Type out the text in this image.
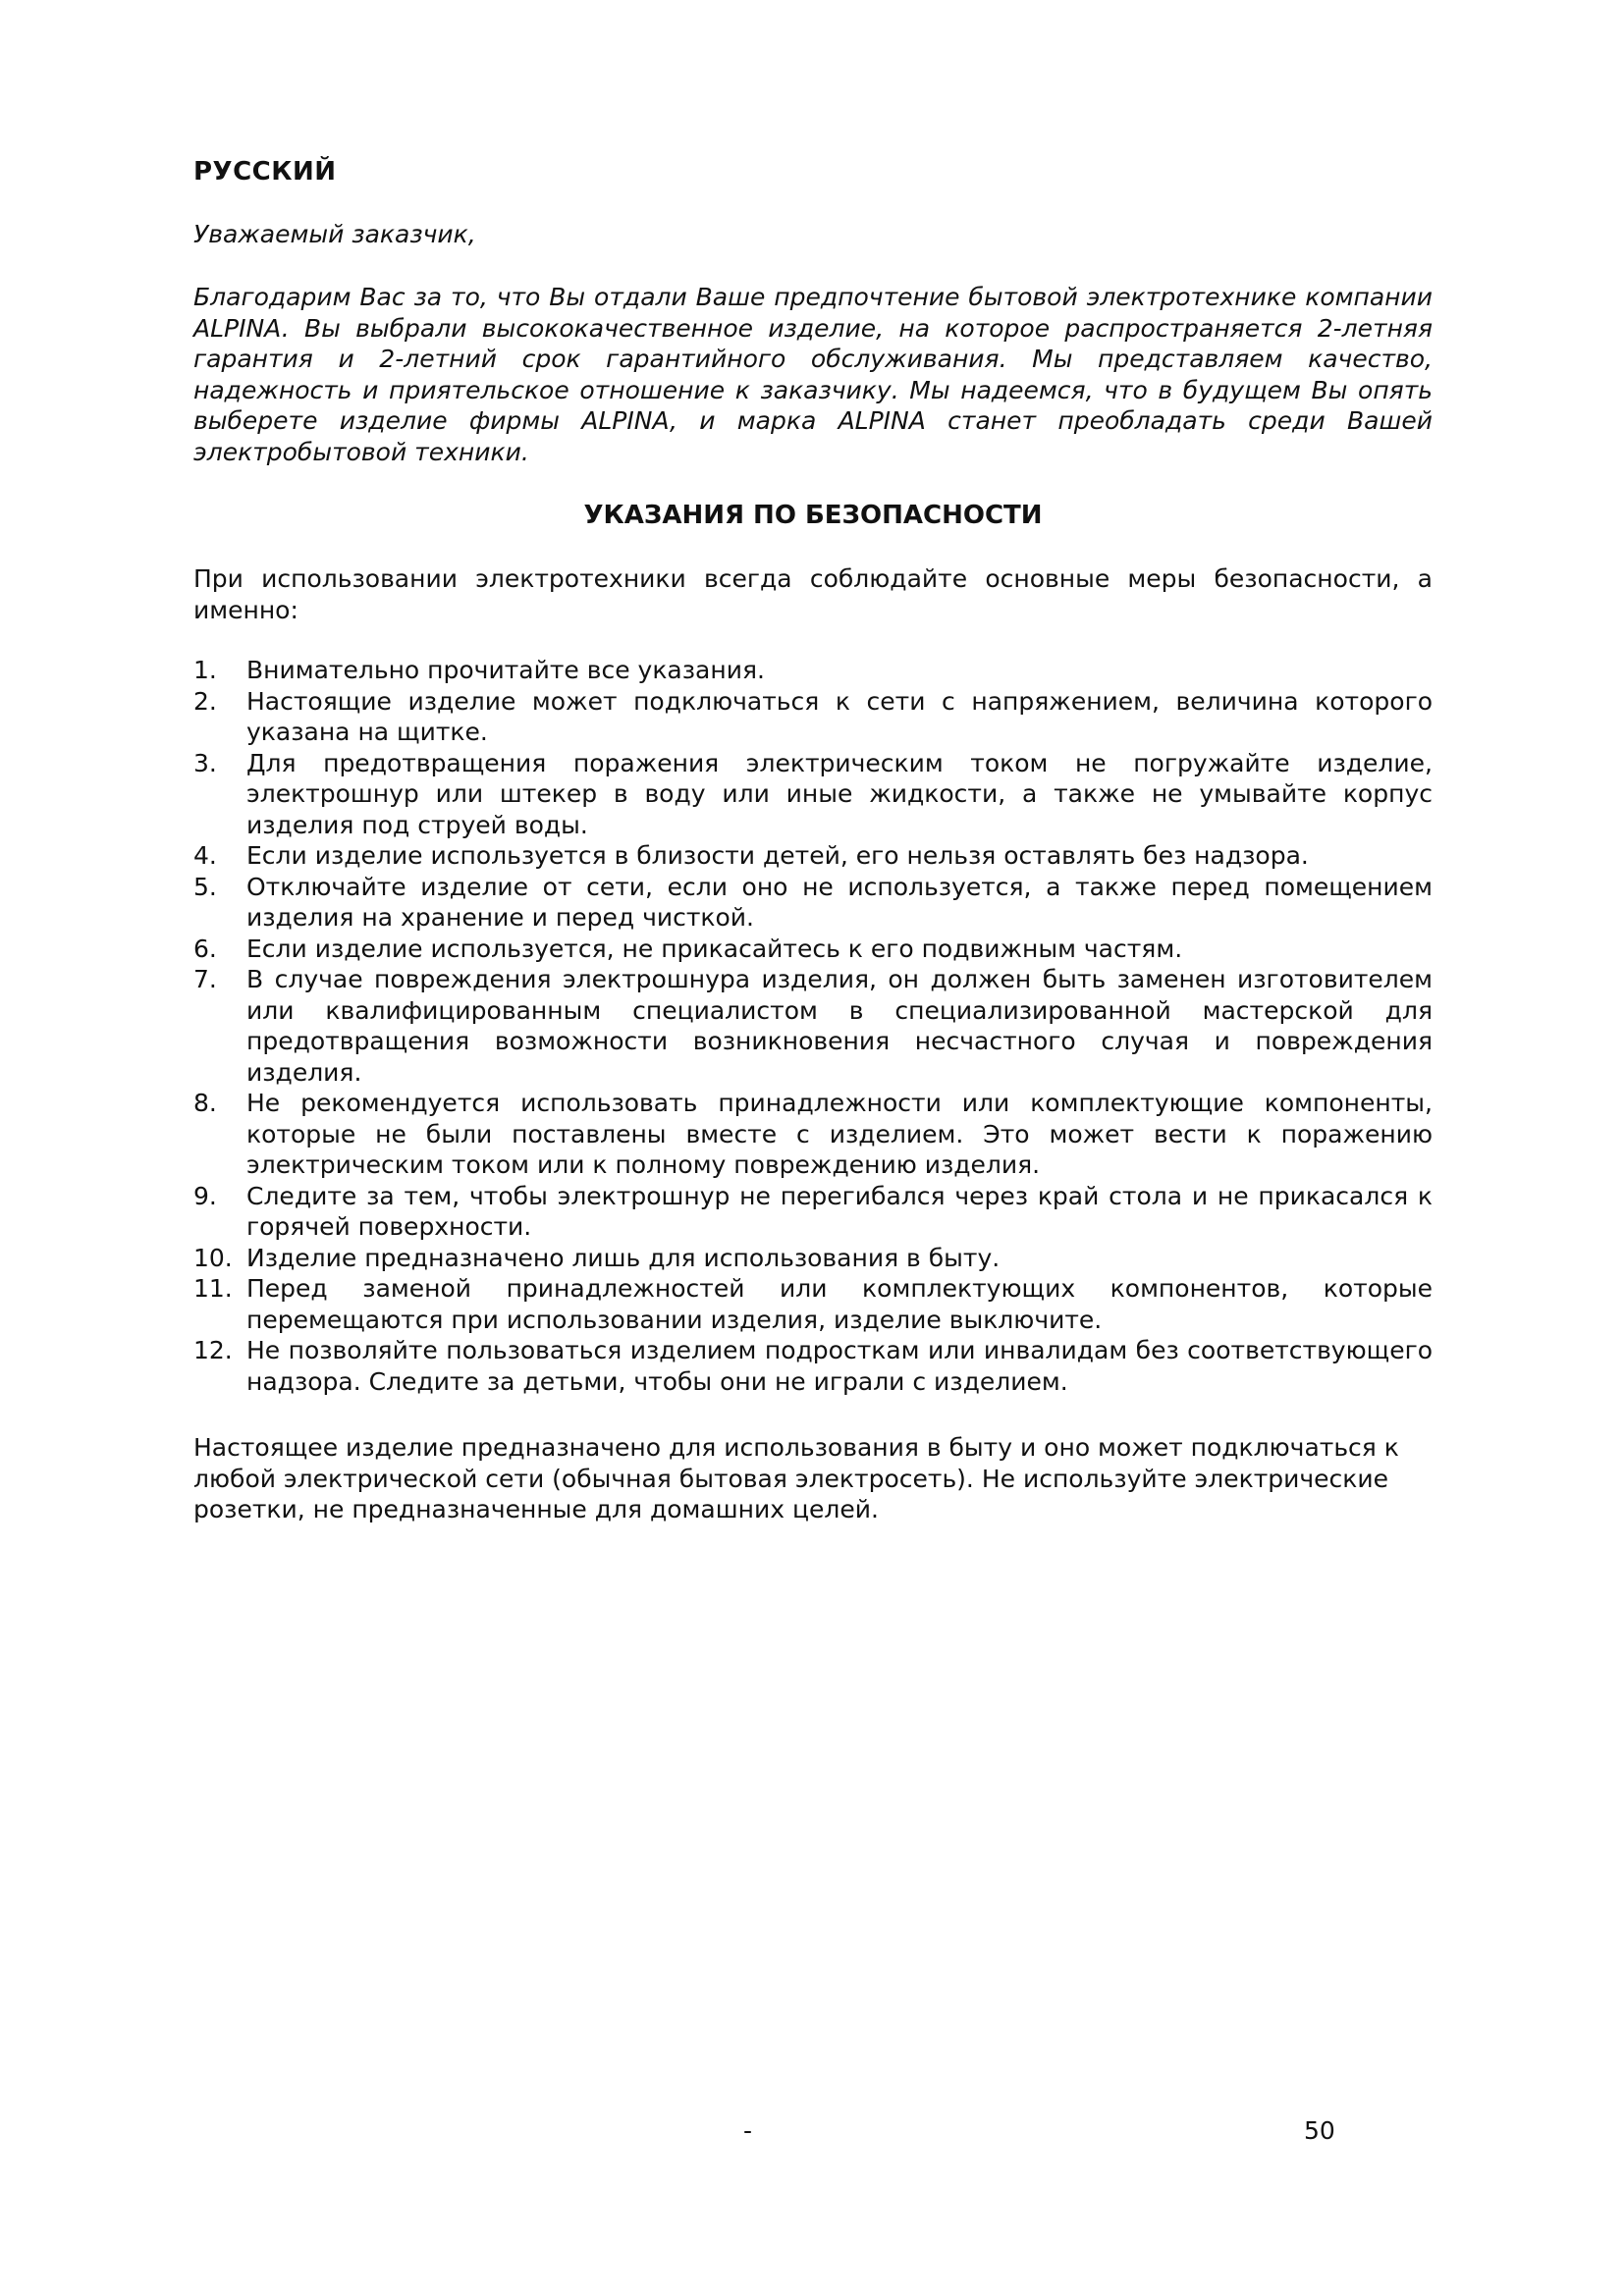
РУССКИЙ
Уважаемый заказчик,

Благодарим Вас за то, что Вы отдали Ваше предпочтение бытовой электротехнике компании ALPINA. Вы выбрали высококачественное изделие, на которое распространяется 2-летняя гарантия и 2-летний срок гарантийного обслуживания. Мы представляем качество, надежность и приятельское отношение к заказчику. Мы надеемся, что в будущем Вы опять выберете изделие фирмы ALPINA, и марка ALPINA станет преобладать среди Вашей электробытовой техники.

УКАЗАНИЯ ПО БЕЗОПАСНОСТИ

При использовании электротехники всегда соблюдайте основные меры безопасности, а именно:

1.	Внимательно прочитайте все указания.
2.	Настоящие изделие может подключаться к сети с напряжением, величина которого указана на щитке.
3.	Для предотвращения поражения электрическим током не погружайте изделие, электрошнур или штекер в воду или иные жидкости, а также не умывайте корпус изделия под струей воды.
4.	Если изделие используется в близости детей, его нельзя оставлять без надзора.
5.	Отключайте изделие от сети, если оно не используется, а также перед помещением изделия на хранение и перед чисткой.
6.	Если изделие используется, не прикасайтесь к его подвижным частям.
7.	В случае повреждения электрошнура изделия, он должен быть заменен изготовителем или квалифицированным специалистом в специализированной мастерской для предотвращения возможности возникновения несчастного случая и повреждения изделия.
8.	Не рекомендуется использовать принадлежности или комплектующие компоненты, которые не были поставлены вместе с изделием. Это может вести к поражению электрическим током или к полному повреждению изделия.
9.	Следите за тем, чтобы электрошнур не перегибался через край стола и не прикасался к горячей поверхности.
10. Изделие предназначено лишь для использования в быту.
11. Перед заменой принадлежностей или комплектующих компонентов, которые перемещаются при использовании изделия, изделие выключите.
12. Не позволяйте пользоваться изделием подросткам или инвалидам без соответствующего надзора. Следите за детьми, чтобы они не играли с изделием.

Настоящее изделие предназначено для использования в быту и оно может подключаться к любой электрической сети (обычная бытовая электросеть). Не используйте электрические розетки, не предназначенные для домашних целей.

-	50
